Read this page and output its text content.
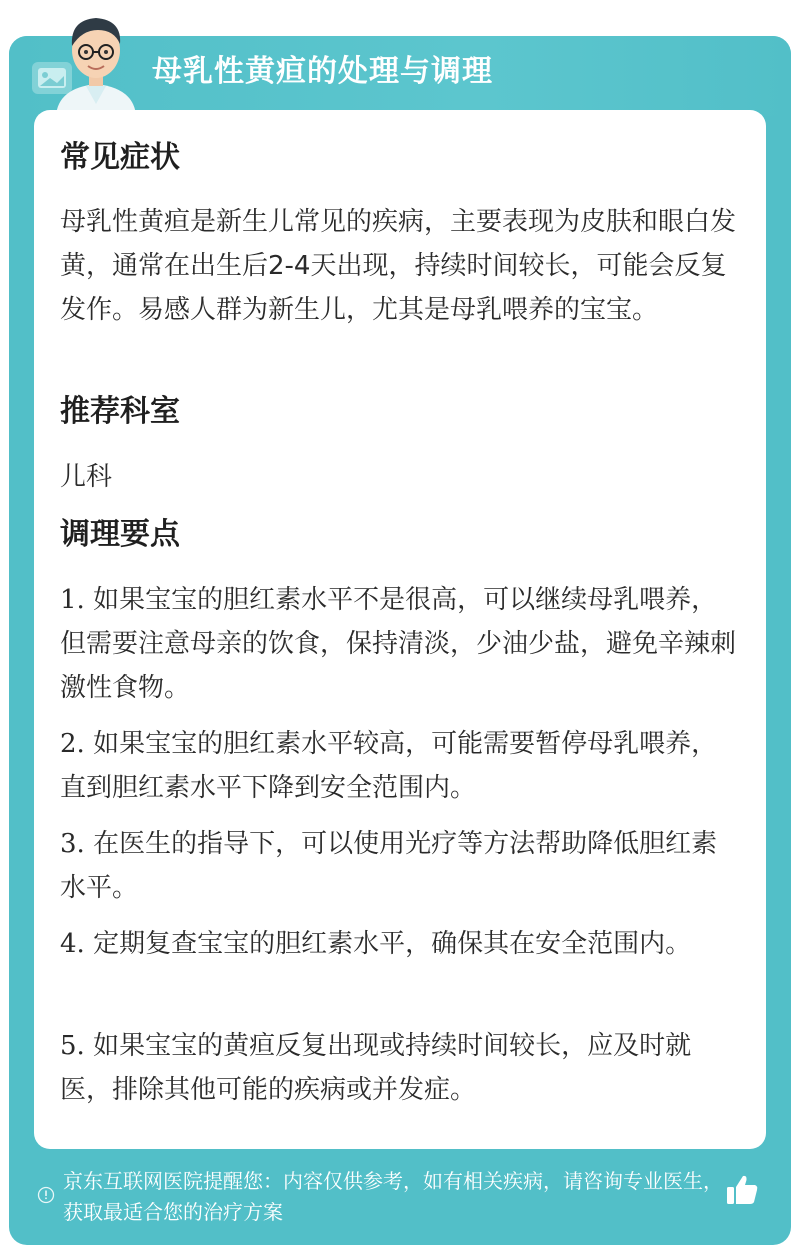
母乳性黄疸的处理与调理
常见症状
母乳性黄疸是新生儿常见的疾病，主要表现为皮肤和眼白发黄，通常在出生后2-4天出现，持续时间较长，可能会反复发作。易感人群为新生儿，尤其是母乳喂养的宝宝。
推荐科室
儿科
调理要点
1. 如果宝宝的胆红素水平不是很高，可以继续母乳喂养，但需要注意母亲的饮食，保持清淡，少油少盐，避免辛辣刺激性食物。
2. 如果宝宝的胆红素水平较高，可能需要暂停母乳喂养，直到胆红素水平下降到安全范围内。
3. 在医生的指导下，可以使用光疗等方法帮助降低胆红素水平。
4. 定期复查宝宝的胆红素水平，确保其在安全范围内。
5. 如果宝宝的黄疸反复出现或持续时间较长，应及时就医，排除其他可能的疾病或并发症。
京东互联网医院提醒您：内容仅供参考，如有相关疾病，请咨询专业医生，获取最适合您的治疗方案
